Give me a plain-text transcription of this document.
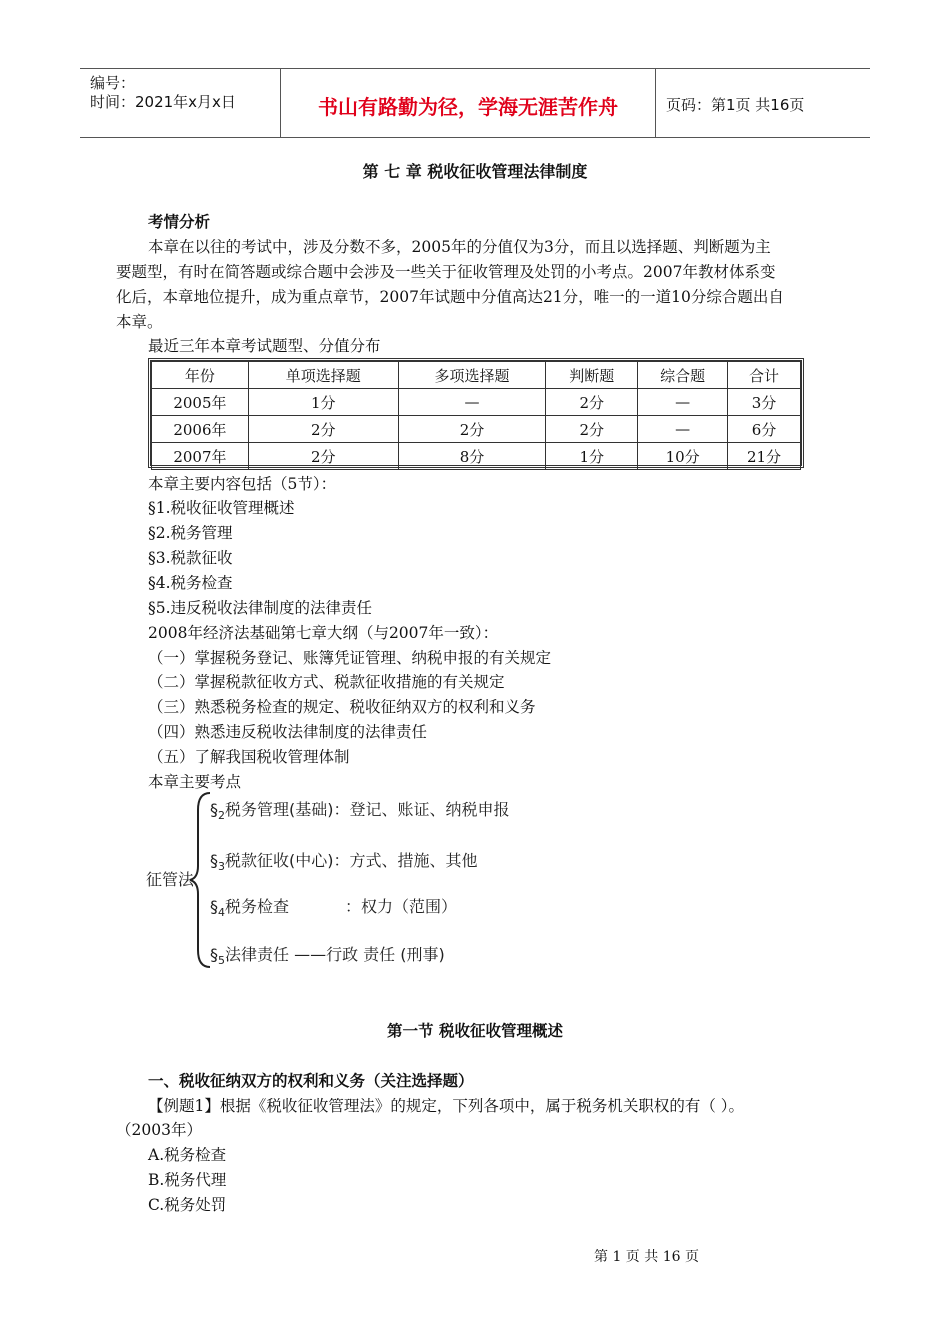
编号：
时间：2021年x月x日	书山有路勤为径，学海无涯苦作舟	页码：第1页 共16页
第 七 章 税收征收管理法律制度
考情分析
本章在以往的考试中，涉及分数不多，2005年的分值仅为3分，而且以选择题、判断题为主
要题型，有时在简答题或综合题中会涉及一些关于征收管理及处罚的小考点。2007年教材体系变
化后，本章地位提升，成为重点章节，2007年试题中分值高达21分，唯一的一道10分综合题出自
本章。
最近三年本章考试题型、分值分布
年份	单项选择题	多项选择题	判断题	综合题	合计
2005年	1分	—	2分	—	3分
2006年	2分	2分	2分	—	6分
2007年	2分	8分	1分	10分	21分
本章主要内容包括（5节）：
§1.税收征收管理概述
§2.税务管理
§3.税款征收
§4.税务检查
§5.违反税收法律制度的法律责任
2008年经济法基础第七章大纲（与2007年一致）：
（一）掌握税务登记、账簿凭证管理、纳税申报的有关规定
（二）掌握税款征收方式、税款征收措施的有关规定
（三）熟悉税务检查的规定、税收征纳双方的权利和义务
（四）熟悉违反税收法律制度的法律责任
（五）了解我国税收管理体制
本章主要考点
征管法
$\S_2$税务管理(基础)：登记、账证、纳税申报
$\S_3$税款征收(中心)：方式、措施、其他
$\S_4$税务检查           ：权力（范围）
$\S_5$法律责任 ——行政 责任 (刑事)
第一节 税收征收管理概述
一、税收征纳双方的权利和义务（关注选择题）
【例题1】根据《税收征收管理法》的规定，下列各项中，属于税务机关职权的有（ ）。
（2003年）
A.税务检查
B.税务代理
C.税务处罚
第 1 页 共 16 页
